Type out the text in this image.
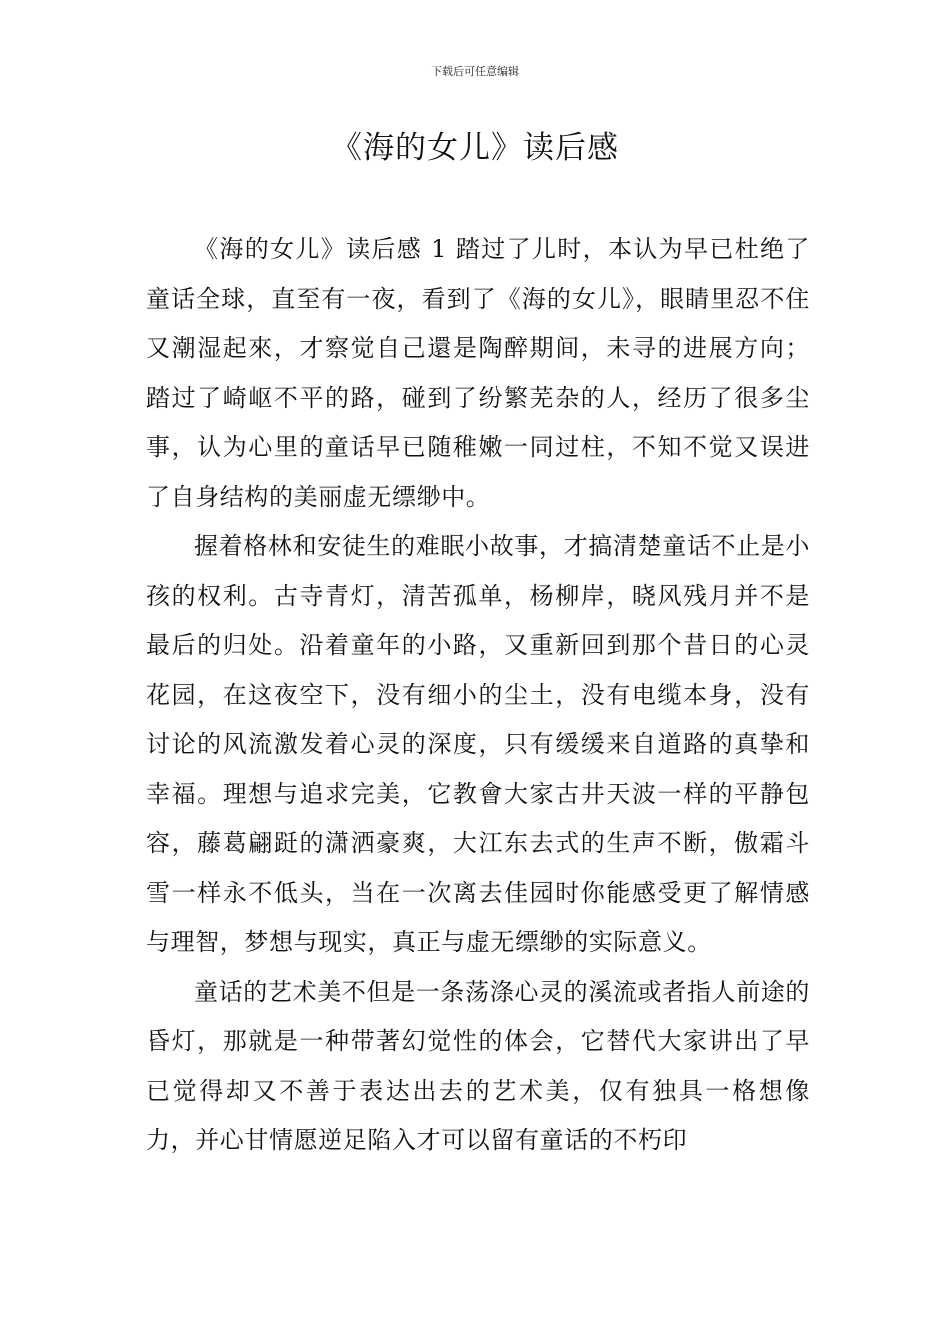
下载后可任意编辑
《海的女儿》读后感

《海的女儿》读后感 1 踏过了儿时，本认为早已杜绝了童话全球，直至有一夜，看到了《海的女儿》，眼睛里忍不住又潮湿起來，才察觉自己還是陶醉期间，未寻的进展方向；踏过了崎岖不平的路，碰到了纷繁芜杂的人，经历了很多尘事，认为心里的童话早已随稚嫩一同过柱，不知不觉又误进了自身结构的美丽虚无缥缈中。

握着格林和安徒生的难眠小故事，才搞清楚童话不止是小孩的权利。古寺青灯，清苦孤单，杨柳岸，晓风残月并不是最后的归处。沿着童年的小路，又重新回到那个昔日的心灵花园，在这夜空下，没有细小的尘土，没有电缆本身，没有讨论的风流激发着心灵的深度，只有缓缓来自道路的真挚和幸福。理想与追求完美，它教會大家古井天波一样的平静包容，藤葛翩跹的潇洒豪爽，大江东去式的生声不断，傲霜斗雪一样永不低头，当在一次离去佳园时你能感受更了解情感与理智，梦想与现实，真正与虚无缥缈的实际意义。

童话的艺术美不但是一条荡涤心灵的溪流或者指人前途的昏灯，那就是一种带著幻觉性的体会，它替代大家讲出了早已觉得却又不善于表达出去的艺术美，仅有独具一格想像力，并心甘情愿逆足陷入才可以留有童话的不朽印
